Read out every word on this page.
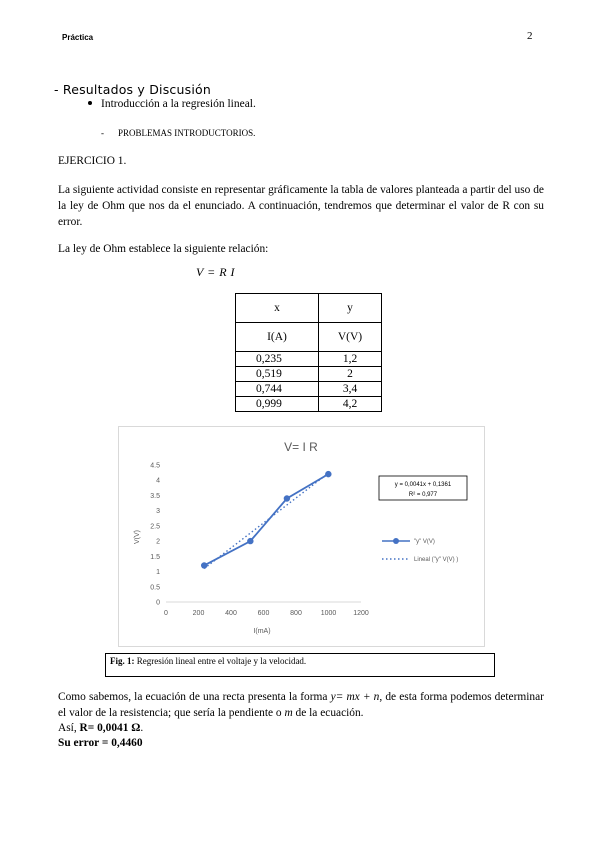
Práctica	2
- Resultados y Discusión
Introducción a la regresión lineal.
- PROBLEMAS INTRODUCTORIOS.
EJERCICIO 1.
La siguiente actividad consiste en representar gráficamente la tabla de valores planteada a partir del uso de la ley de Ohm que nos da el enunciado. A continuación, tendremos que determinar el valor de R con su error.
La ley de Ohm establece la siguiente relación:
V = R I
x	y
I(A)	V(V)
0,235	1,2
0,519	2
0,744	3,4
0,999	4,2
V= I R
0
0.5
1
1.5
2
2.5
3
3.5
4
4.5
0	200	400	600	800	1000 1200
I(mA)
V(V)
y = 0,0041x + 0,1361
R² = 0,977
"y" V(V)
Lineal ("y" V(V) )
Fig. 1: Regresión lineal entre el voltaje y la velocidad.
Como sabemos, la ecuación de una recta presenta la forma y= mx + n, de esta forma podemos determinar el valor de la resistencia; que sería la pendiente o m de la ecuación.
Así, R= 0,0041 Ω.
Su error = 0,4460
